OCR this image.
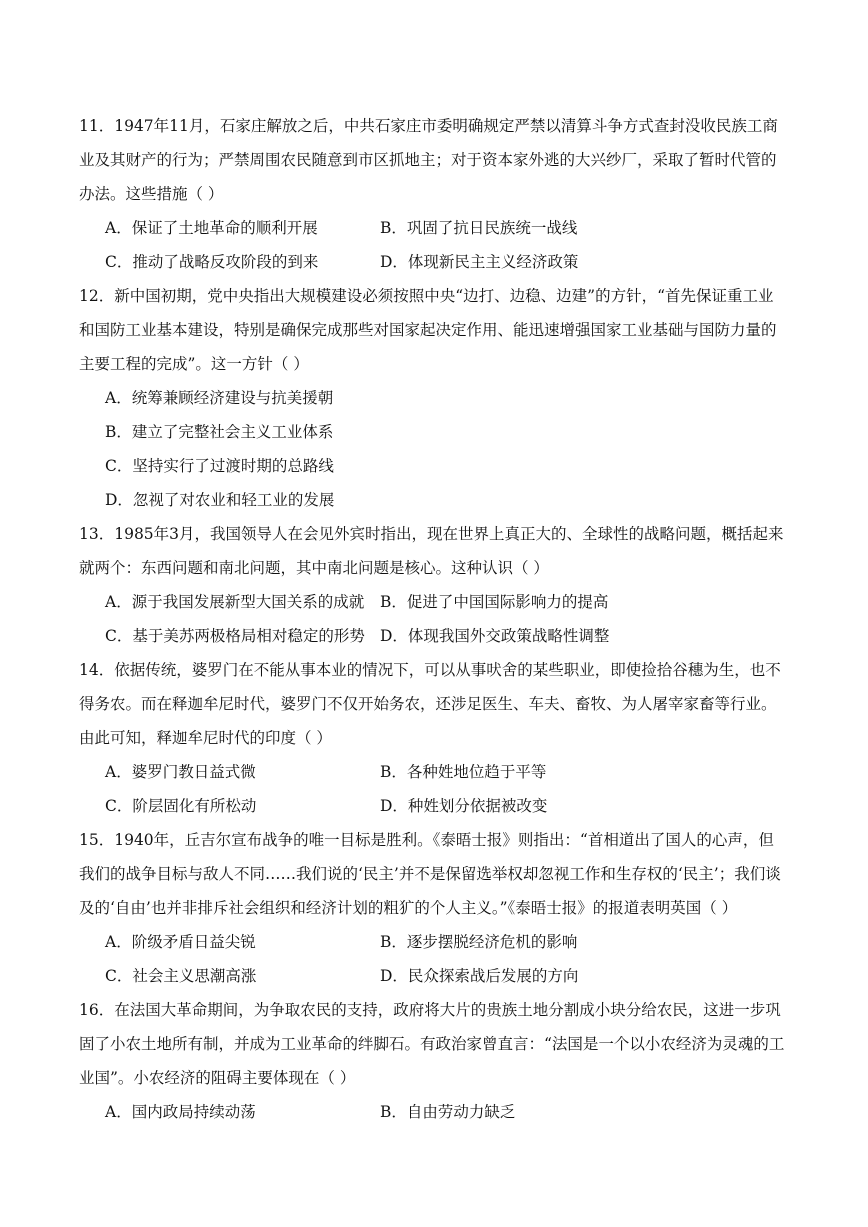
11．1947年11月，石家庄解放之后，中共石家庄市委明确规定严禁以清算斗争方式查封没收民族工商业及其财产的行为；严禁周围农民随意到市区抓地主；对于资本家外逃的大兴纱厂，采取了暂时代管的办法。这些措施（ ）

A．保证了土地革命的顺利开展	B．巩固了抗日民族统一战线
C．推动了战略反攻阶段的到来	D．体现新民主主义经济政策

12．新中国初期，党中央指出大规模建设必须按照中央“边打、边稳、边建”的方针，“首先保证重工业和国防工业基本建设，特别是确保完成那些对国家起决定作用、能迅速增强国家工业基础与国防力量的主要工程的完成”。这一方针（ ）

A．统筹兼顾经济建设与抗美援朝
B．建立了完整社会主义工业体系
C．坚持实行了过渡时期的总路线
D．忽视了对农业和轻工业的发展

13．1985年3月，我国领导人在会见外宾时指出，现在世界上真正大的、全球性的战略问题，概括起来就两个：东西问题和南北问题，其中南北问题是核心。这种认识（ ）

A．源于我国发展新型大国关系的成就	B．促进了中国国际影响力的提高
C．基于美苏两极格局相对稳定的形势 D．体现我国外交政策战略性调整

14．依据传统，婆罗门在不能从事本业的情况下，可以从事吠舍的某些职业，即使捡拾谷穗为生，也不得务农。而在释迦牟尼时代，婆罗门不仅开始务农，还涉足医生、车夫、畜牧、为人屠宰家畜等行业。由此可知，释迦牟尼时代的印度（ ）

A．婆罗门教日益式微	B．各种姓地位趋于平等
C．阶层固化有所松动	D．种姓划分依据被改变

15．1940年，丘吉尔宣布战争的唯一目标是胜利。《泰晤士报》则指出：“首相道出了国人的心声，但我们的战争目标与敌人不同……我们说的‘民主’并不是保留选举权却忽视工作和生存权的‘民主’；我们谈及的‘自由’也并非排斥社会组织和经济计划的粗犷的个人主义。”《泰晤士报》的报道表明英国（ ）

A．阶级矛盾日益尖锐	B．逐步摆脱经济危机的影响
C．社会主义思潮高涨	D．民众探索战后发展的方向

16．在法国大革命期间，为争取农民的支持，政府将大片的贵族土地分割成小块分给农民，这进一步巩固了小农土地所有制，并成为工业革命的绊脚石。有政治家曾直言：“法国是一个以小农经济为灵魂的工业国”。小农经济的阻碍主要体现在（ ）

A．国内政局持续动荡	B．自由劳动力缺乏
